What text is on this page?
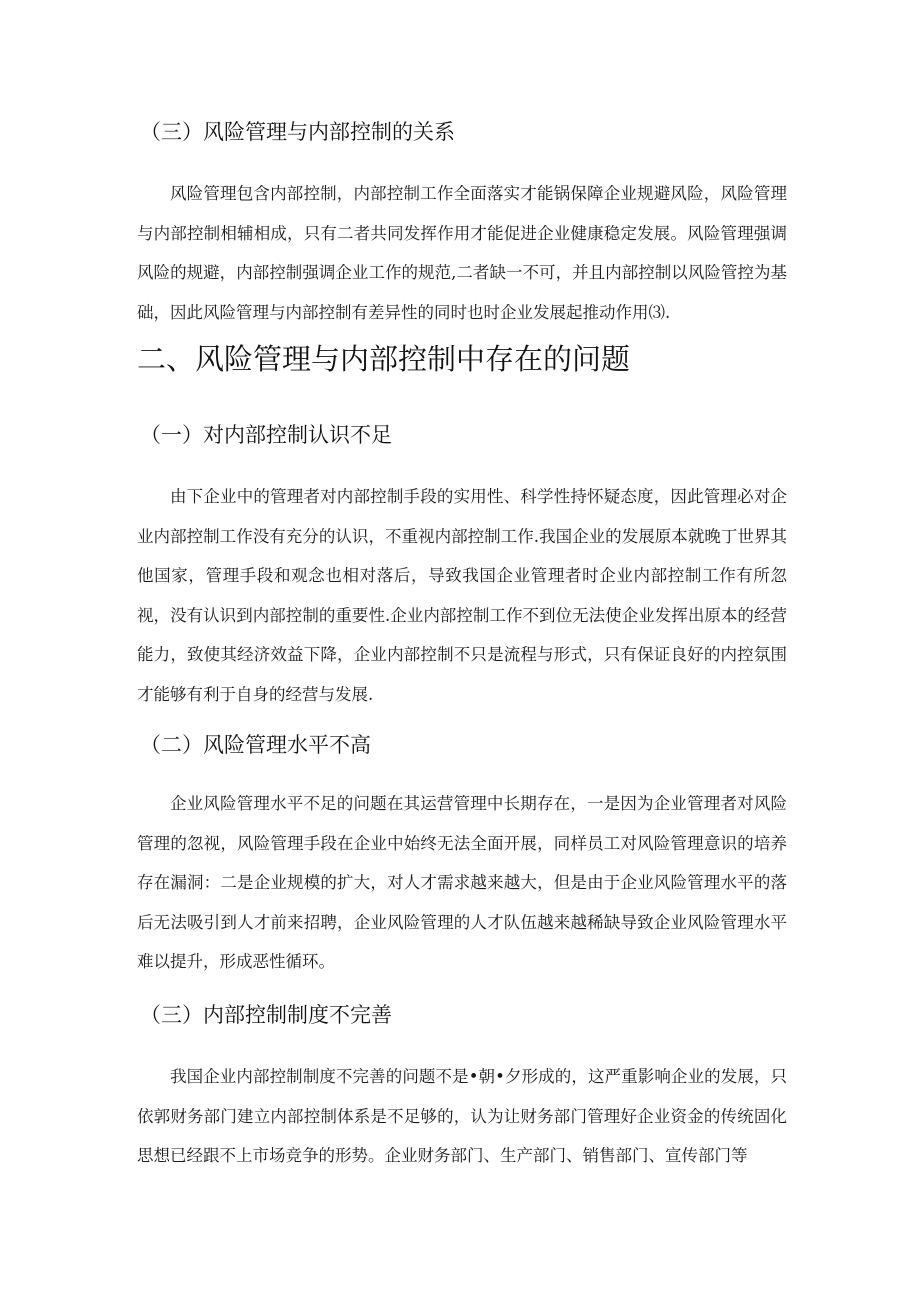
（三）风险管理与内部控制的关系

风险管理包含内部控制，内部控制工作全面落实才能锅保障企业规避风险，风险管理与内部控制相辅相成，只有二者共同发挥作用才能促进企业健康稳定发展。风险管理强调风险的规避，内部控制强调企业工作的规范,二者缺一不可，并且内部控制以风险管控为基础，因此风险管理与内部控制有差异性的同时也时企业发展起推动作用⑶.

二、风险管理与内部控制中存在的问题
（一）对内部控制认识不足

由下企业中的管理者对内部控制手段的实用性、科学性持怀疑态度，因此管理必对企业内部控制工作没有充分的认识，不重视内部控制工作.我国企业的发展原本就晚丁世界其他国家，管理手段和观念也相对落后，导致我国企业管理者时企业内部控制工作有所忽视，没有认识到内部控制的重要性.企业内部控制工作不到位无法使企业发挥出原本的经营能力，致使其经济效益下降，企业内部控制不只是流程与形式，只有保证良好的内控氛围才能够有利于自身的经营与发展.

（二）风险管理水平不高

企业风险管理水平不足的问题在其运营管理中长期存在，一是因为企业管理者对风险管理的忽视，风险管理手段在企业中始终无法全面开展，同样员工对风险管理意识的培养存在漏洞：二是企业规模的扩大，对人才需求越来越大，但是由于企业风险管理水平的落后无法吸引到人才前来招聘，企业风险管理的人才队伍越来越稀缺导致企业风险管理水平难以提升，形成恶性循环。

（三）内部控制制度不完善

我国企业内部控制制度不完善的问题不是•朝•夕形成的，这严重影响企业的发展，只依郭财务部门建立内部控制体系是不足够的，认为让财务部门管理好企业资金的传统固化思想已经跟不上市场竞争的形势。企业财务部门、生产部门、销售部门、宣传部门等
